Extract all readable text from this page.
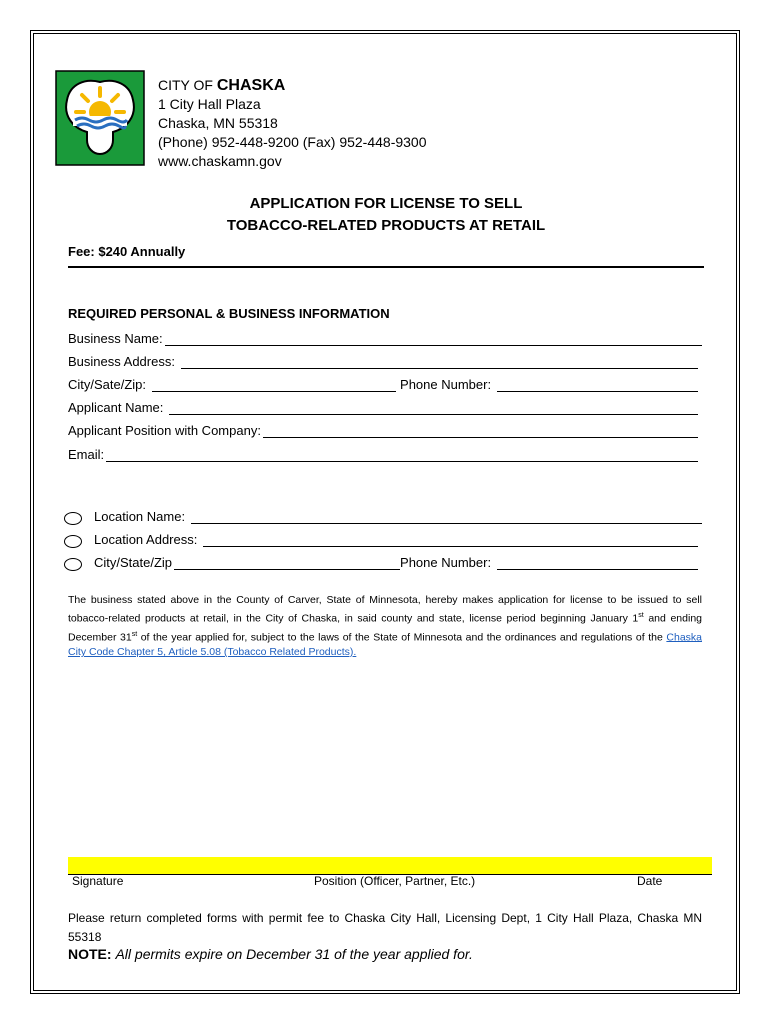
CITY OF CHASKA
1 City Hall Plaza
Chaska, MN 55318
(Phone) 952-448-9200 (Fax) 952-448-9300
www.chaskamn.gov
APPLICATION FOR LICENSE TO SELL
TOBACCO-RELATED PRODUCTS AT RETAIL
Fee: $240 Annually
REQUIRED PERSONAL & BUSINESS INFORMATION
Business Name:
Business Address:
City/Sate/Zip:	Phone Number:
Applicant Name:
Applicant Position with Company:
Email:
Location Name:
Location Address:
City/State/Zip	Phone Number:
The business stated above in the County of Carver, State of Minnesota, hereby makes application for license to be issued to sell tobacco-related products at retail, in the City of Chaska, in said county and state, license period beginning January 1st and ending December 31st of the year applied for, subject to the laws of the State of Minnesota and the ordinances and regulations of the Chaska City Code Chapter 5, Article 5.08 (Tobacco Related Products).
Signature	Position (Officer, Partner, Etc.)	Date
Please return completed forms with permit fee to Chaska City Hall, Licensing Dept, 1 City Hall Plaza, Chaska MN 55318
NOTE: All permits expire on December 31 of the year applied for.
